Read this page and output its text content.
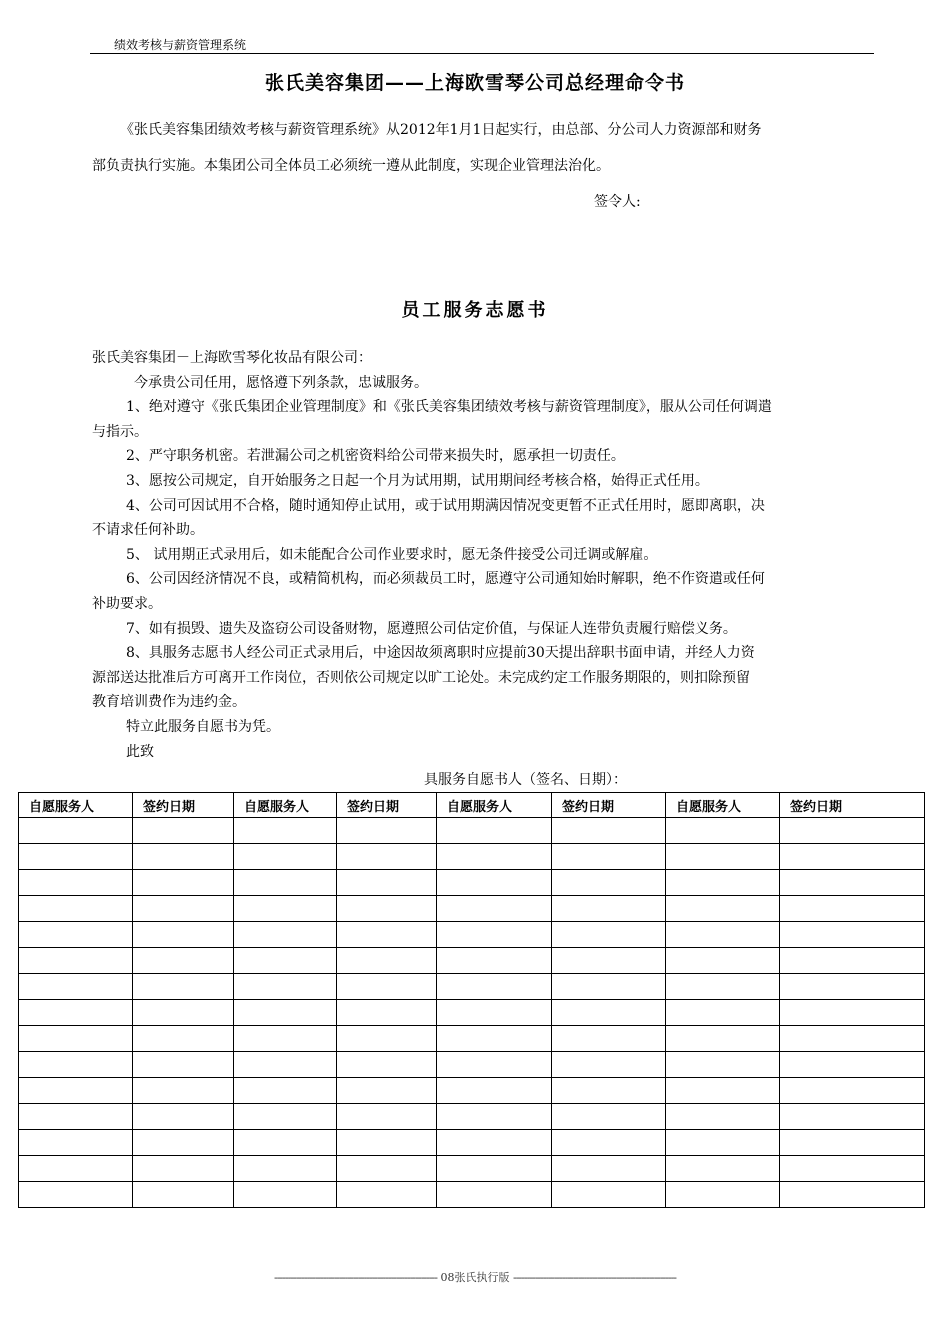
绩效考核与薪资管理系统
张氏美容集团——上海欧雪琴公司总经理命令书
《张氏美容集团绩效考核与薪资管理系统》从2012年1月1日起实行，由总部、分公司人力资源部和财务
部负责执行实施。本集团公司全体员工必须统一遵从此制度，实现企业管理法治化。
签令人:
员工服务志愿书
张氏美容集团－上海欧雪琴化妆品有限公司：
今承贵公司任用，愿恪遵下列条款，忠诚服务。
1、绝对遵守《张氏集团企业管理制度》和《张氏美容集团绩效考核与薪资管理制度》，服从公司任何调遣
与指示。
2、严守职务机密。若泄漏公司之机密资料给公司带来损失时，愿承担一切责任。
3、愿按公司规定，自开始服务之日起一个月为试用期，试用期间经考核合格，始得正式任用。
4、公司可因试用不合格，随时通知停止试用，或于试用期满因情况变更暂不正式任用时，愿即离职，决
不请求任何补助。
5、 试用期正式录用后，如未能配合公司作业要求时，愿无条件接受公司迁调或解雇。
6、公司因经济情况不良，或精简机构，而必须裁员工时，愿遵守公司通知始时解职，绝不作资遣或任何
补助要求。
7、如有损毁、遗失及盗窃公司设备财物，愿遵照公司估定价值，与保证人连带负责履行赔偿义务。
8、具服务志愿书人经公司正式录用后，中途因故须离职时应提前30天提出辞职书面申请，并经人力资
源部送达批准后方可离开工作岗位，否则依公司规定以旷工论处。未完成约定工作服务期限的，则扣除预留
教育培训费作为违约金。
特立此服务自愿书为凭。
此致
具服务自愿书人（签名、日期）：
自愿服务人	签约日期	自愿服务人	签约日期	自愿服务人	签约日期	自愿服务人	签约日期

------------------------------------------------------------ 08张氏执行版 ------------------------------------------------------------
